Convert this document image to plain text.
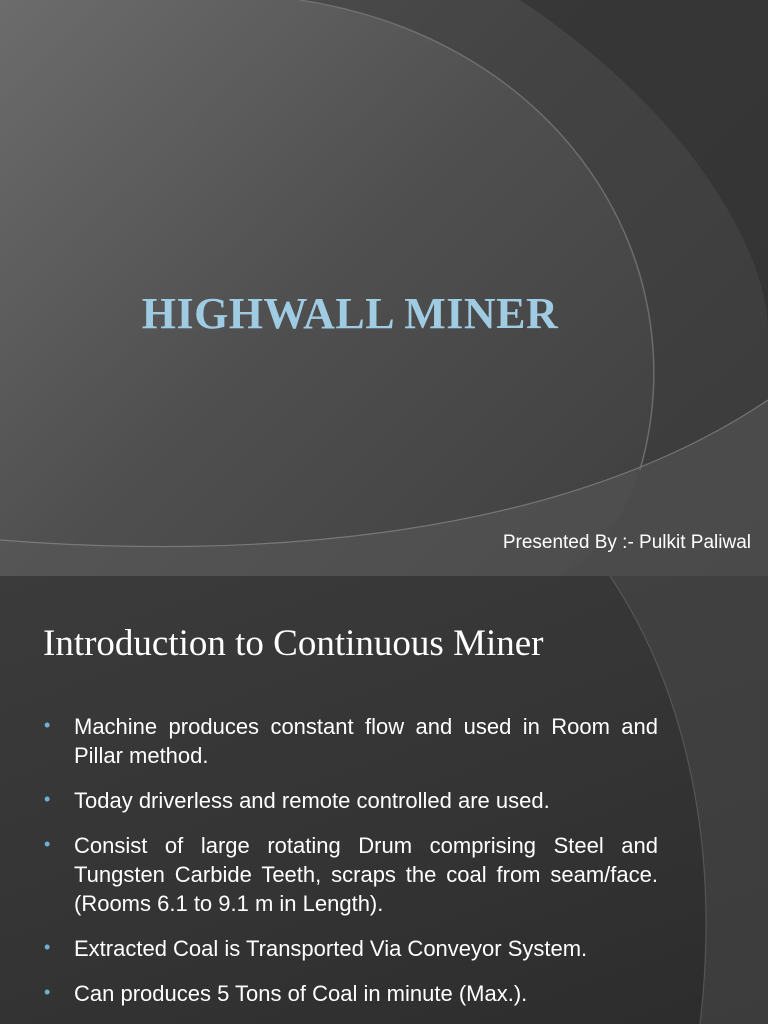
HIGHWALL MINER

Presented By :- Pulkit Paliwal

Introduction to Continuous Miner
• Machine produces constant flow and used in Room and Pillar method.
• Today driverless and remote controlled are used.
• Consist of large rotating Drum comprising Steel and Tungsten Carbide Teeth, scraps the coal from seam/face. (Rooms 6.1 to 9.1 m in Length).
• Extracted Coal is Transported Via Conveyor System.
• Can produces 5 Tons of Coal in minute (Max.).
